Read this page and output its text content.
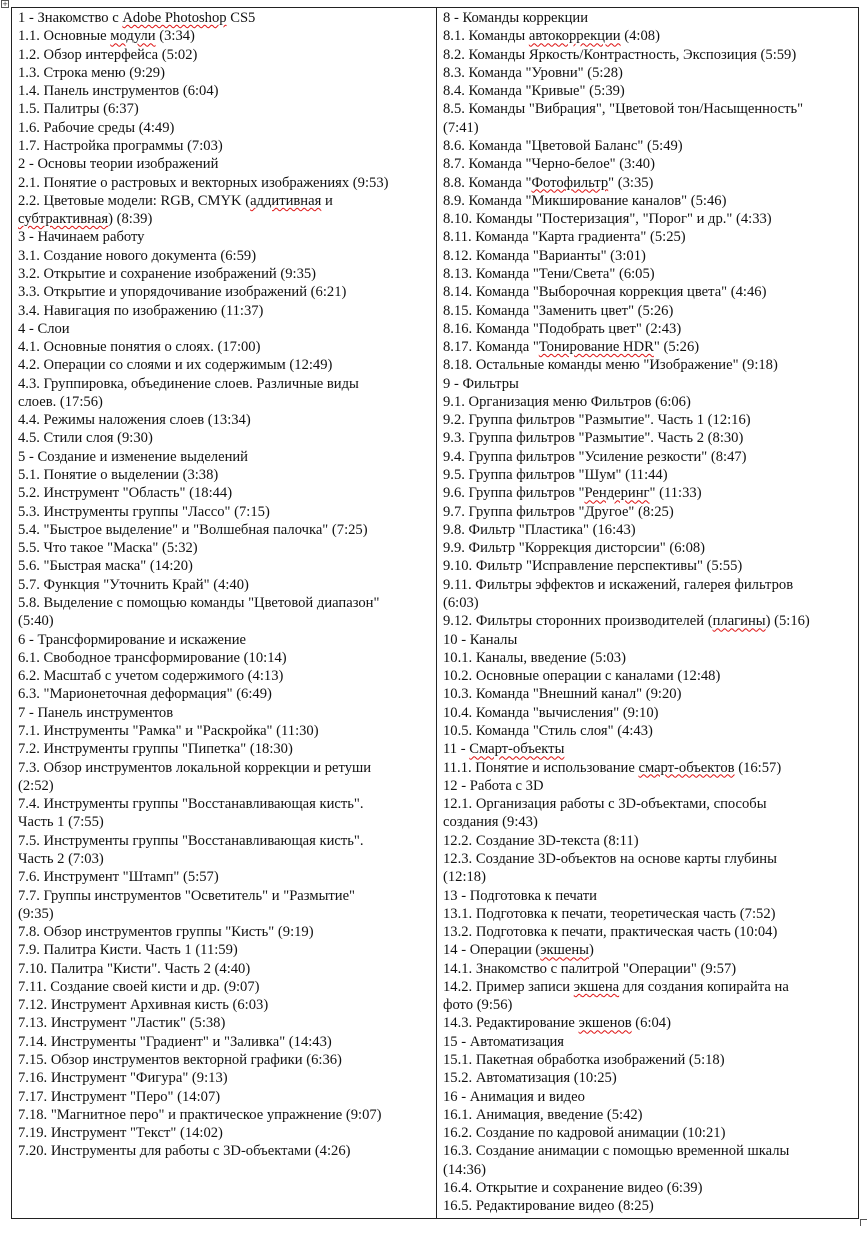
+
1 - Знакомство с Adobe Photoshop CS5
1.1. Основные модули (3:34)
1.2. Обзор интерфейса (5:02)
1.3. Строка меню (9:29)
1.4. Панель инструментов (6:04)
1.5. Палитры (6:37)
1.6. Рабочие среды (4:49)
1.7. Настройка программы (7:03)
2 - Основы теории изображений
2.1. Понятие о растровых и векторных изображениях (9:53)
2.2. Цветовые модели: RGB, CMYK (аддитивная и
субтрактивная) (8:39)
3 - Начинаем работу
3.1. Создание нового документа (6:59)
3.2. Открытие и сохранение изображений (9:35)
3.3. Открытие и упорядочивание изображений (6:21)
3.4. Навигация по изображению (11:37)
4 - Слои
4.1. Основные понятия о слоях. (17:00)
4.2. Операции со слоями и их содержимым (12:49)
4.3. Группировка, объединение слоев. Различные виды
слоев. (17:56)
4.4. Режимы наложения слоев (13:34)
4.5. Стили слоя (9:30)
5 - Создание и изменение выделений
5.1. Понятие о выделении (3:38)
5.2. Инструмент "Область" (18:44)
5.3. Инструменты группы "Лассо" (7:15)
5.4. "Быстрое выделение" и "Волшебная палочка" (7:25)
5.5. Что такое "Маска" (5:32)
5.6. "Быстрая маска" (14:20)
5.7. Функция "Уточнить Край" (4:40)
5.8. Выделение с помощью команды "Цветовой диапазон"
(5:40)
6 - Трансформирование и искажение
6.1. Свободное трансформирование (10:14)
6.2. Масштаб с учетом содержимого (4:13)
6.3. "Марионеточная деформация" (6:49)
7 - Панель инструментов
7.1. Инструменты "Рамка" и "Раскройка" (11:30)
7.2. Инструменты группы "Пипетка" (18:30)
7.3. Обзор инструментов локальной коррекции и ретуши
(2:52)
7.4. Инструменты группы "Восстанавливающая кисть".
Часть 1 (7:55)
7.5. Инструменты группы "Восстанавливающая кисть".
Часть 2 (7:03)
7.6. Инструмент "Штамп" (5:57)
7.7. Группы инструментов "Осветитель" и "Размытие"
(9:35)
7.8. Обзор инструментов группы "Кисть" (9:19)
7.9. Палитра Кисти. Часть 1 (11:59)
7.10. Палитра "Кисти". Часть 2 (4:40)
7.11. Создание своей кисти и др. (9:07)
7.12. Инструмент Архивная кисть (6:03)
7.13. Инструмент "Ластик" (5:38)
7.14. Инструменты "Градиент" и "Заливка" (14:43)
7.15. Обзор инструментов векторной графики (6:36)
7.16. Инструмент "Фигура" (9:13)
7.17. Инструмент "Перо" (14:07)
7.18. "Магнитное перо" и практическое упражнение (9:07)
7.19. Инструмент "Текст" (14:02)
7.20. Инструменты для работы с 3D-объектами (4:26)

8 - Команды коррекции
8.1. Команды автокоррекции (4:08)
8.2. Команды Яркость/Контрастность, Экспозиция (5:59)
8.3. Команда "Уровни" (5:28)
8.4. Команда "Кривые" (5:39)
8.5. Команды "Вибрация", "Цветовой тон/Насыщенность"
(7:41)
8.6. Команда "Цветовой Баланс" (5:49)
8.7. Команда "Черно-белое" (3:40)
8.8. Команда "Фотофильтр" (3:35)
8.9. Команда "Микширование каналов" (5:46)
8.10. Команды "Постеризация", "Порог" и др." (4:33)
8.11. Команда "Карта градиента" (5:25)
8.12. Команда "Варианты" (3:01)
8.13. Команда "Тени/Света" (6:05)
8.14. Команда "Выборочная коррекция цвета" (4:46)
8.15. Команда "Заменить цвет" (5:26)
8.16. Команда "Подобрать цвет" (2:43)
8.17. Команда "Тонирование HDR" (5:26)
8.18. Остальные команды меню "Изображение" (9:18)
9 - Фильтры
9.1. Организация меню Фильтров (6:06)
9.2. Группа фильтров "Размытие". Часть 1 (12:16)
9.3. Группа фильтров "Размытие". Часть 2 (8:30)
9.4. Группа фильтров "Усиление резкости" (8:47)
9.5. Группа фильтров "Шум" (11:44)
9.6. Группа фильтров "Рендеринг" (11:33)
9.7. Группа фильтров "Другое" (8:25)
9.8. Фильтр "Пластика" (16:43)
9.9. Фильтр "Коррекция дисторсии" (6:08)
9.10. Фильтр "Исправление перспективы" (5:55)
9.11. Фильтры эффектов и искажений, галерея фильтров
(6:03)
9.12. Фильтры сторонних производителей (плагины) (5:16)
10 - Каналы
10.1. Каналы, введение (5:03)
10.2. Основные операции с каналами (12:48)
10.3. Команда "Внешний канал" (9:20)
10.4. Команда "вычисления" (9:10)
10.5. Команда "Стиль слоя" (4:43)
11 - Смарт-объекты
11.1. Понятие и использование смарт-объектов (16:57)
12 - Работа с 3D
12.1. Организация работы с 3D-объектами, способы
создания (9:43)
12.2. Создание 3D-текста (8:11)
12.3. Создание 3D-объектов на основе карты глубины
(12:18)
13 - Подготовка к печати
13.1. Подготовка к печати, теоретическая часть (7:52)
13.2. Подготовка к печати, практическая часть (10:04)
14 - Операции (экшены)
14.1. Знакомство с палитрой "Операции" (9:57)
14.2. Пример записи экшена для создания копирайта на
фото (9:56)
14.3. Редактирование экшенов (6:04)
15 - Автоматизация
15.1. Пакетная обработка изображений (5:18)
15.2. Автоматизация (10:25)
16 - Анимация и видео
16.1. Анимация, введение (5:42)
16.2. Создание по кадровой анимации (10:21)
16.3. Создание анимации с помощью временной шкалы
(14:36)
16.4. Открытие и сохранение видео (6:39)
16.5. Редактирование видео (8:25)
